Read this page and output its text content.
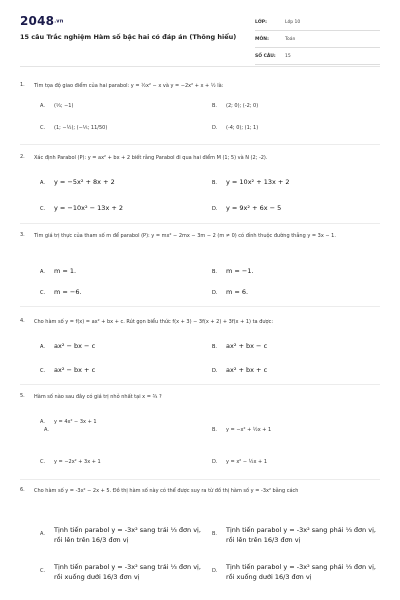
2048.vn
15 câu Trắc nghiệm Hàm số bậc hai có đáp án (Thông hiểu)
LỚP:	Lớp 10
MÔN:	Toán
SỐ CÂU:	15
1. Tìm tọa độ giao điểm của hai parabol: y = ½x² − x và y = −2x² + x + ½ là:
A. (⅓; −1)	B. (2; 0); (-2; 0)
C. (1; −½); (−⅕; 11/50)	D. (-4; 0); (1; 1)
2. Xác định Parabol (P): y = ax² + bx + 2 biết rằng Parabol đi qua hai điểm M (1; 5) và N (2; -2).
A. y = −5x² + 8x + 2	B. y = 10x² + 13x + 2
C. y = −10x² − 13x + 2	D. y = 9x² + 6x − 5
3. Tìm giá trị thực của tham số m để parabol (P): y = mx² − 2mx − 3m − 2 (m ≠ 0) có đỉnh thuộc đường thẳng y = 3x − 1.
A. m = 1.	B. m = −1.
C. m = −6.	D. m = 6.
4. Cho hàm số y = f(x) = ax² + bx + c. Rút gọn biểu thức f(x + 3) − 3f(x + 2) + 3f(x + 1) ta được:
A. ax² − bx − c	B. ax² + bx − c
C. ax² − bx + c	D. ax² + bx + c
5. Hàm số nào sau đây có giá trị nhỏ nhất tại x = ¾ ?
A. y = 4x² − 3x + 1
A.	B. y = −x² + ½x + 1
C. y = −2x² + 3x + 1	D. y = x² − ½x + 1
6. Cho hàm số y = -3x² − 2x + 5. Đồ thị hàm số này có thể được suy ra từ đồ thị hàm số y = -3x² bằng cách
A.	Tịnh tiến parabol y = -3x² sang trái ⅓ đơn vị, rồi lên trên 16/3 đơn vị
B.	Tịnh tiến parabol y = -3x² sang phải ⅓ đơn vị, rồi lên trên 16/3 đơn vị
C.	Tịnh tiến parabol y = -3x² sang trái ⅓ đơn vị, rồi xuống dưới 16/3 đơn vị
D.	Tịnh tiến parabol y = -3x² sang phải ⅓ đơn vị, rồi xuống dưới 16/3 đơn vị
